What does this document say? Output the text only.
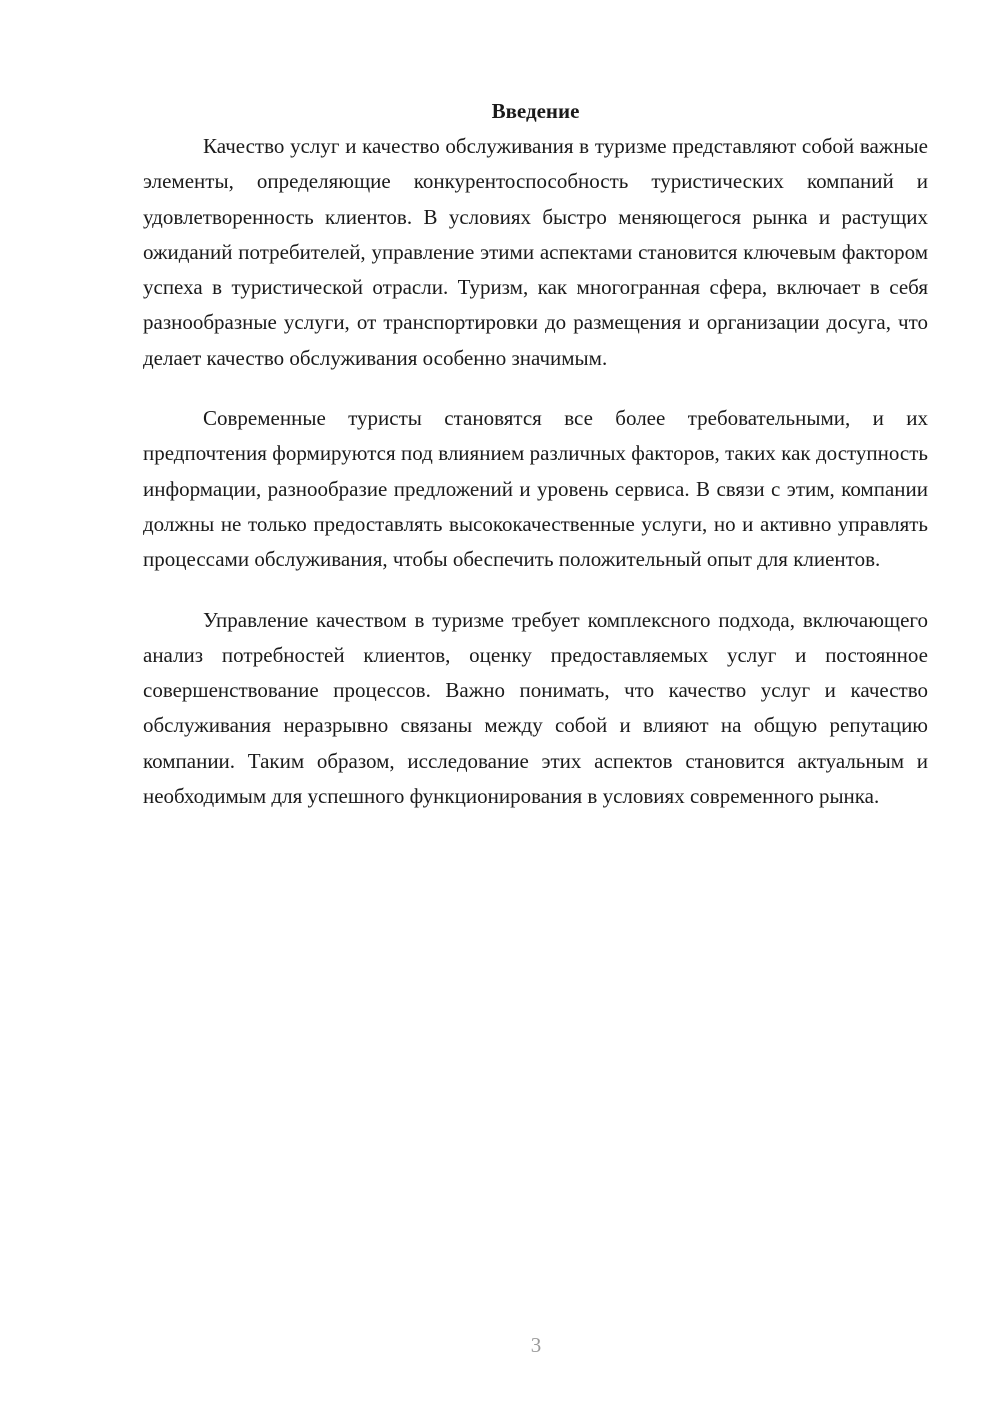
Введение

Качество услуг и качество обслуживания в туризме представляют собой важные элементы, определяющие конкурентоспособность туристических компаний и удовлетворенность клиентов. В условиях быстро меняющегося рынка и растущих ожиданий потребителей, управление этими аспектами становится ключевым фактором успеха в туристической отрасли. Туризм, как многогранная сфера, включает в себя разнообразные услуги, от транспортировки до размещения и организации досуга, что делает качество обслуживания особенно значимым.

Современные туристы становятся все более требовательными, и их предпочтения формируются под влиянием различных факторов, таких как доступность информации, разнообразие предложений и уровень сервиса. В связи с этим, компании должны не только предоставлять высококачественные услуги, но и активно управлять процессами обслуживания, чтобы обеспечить положительный опыт для клиентов.

Управление качеством в туризме требует комплексного подхода, включающего анализ потребностей клиентов, оценку предоставляемых услуг и постоянное совершенствование процессов. Важно понимать, что качество услуг и качество обслуживания неразрывно связаны между собой и влияют на общую репутацию компании. Таким образом, исследование этих аспектов становится актуальным и необходимым для успешного функционирования в условиях современного рынка.

3
